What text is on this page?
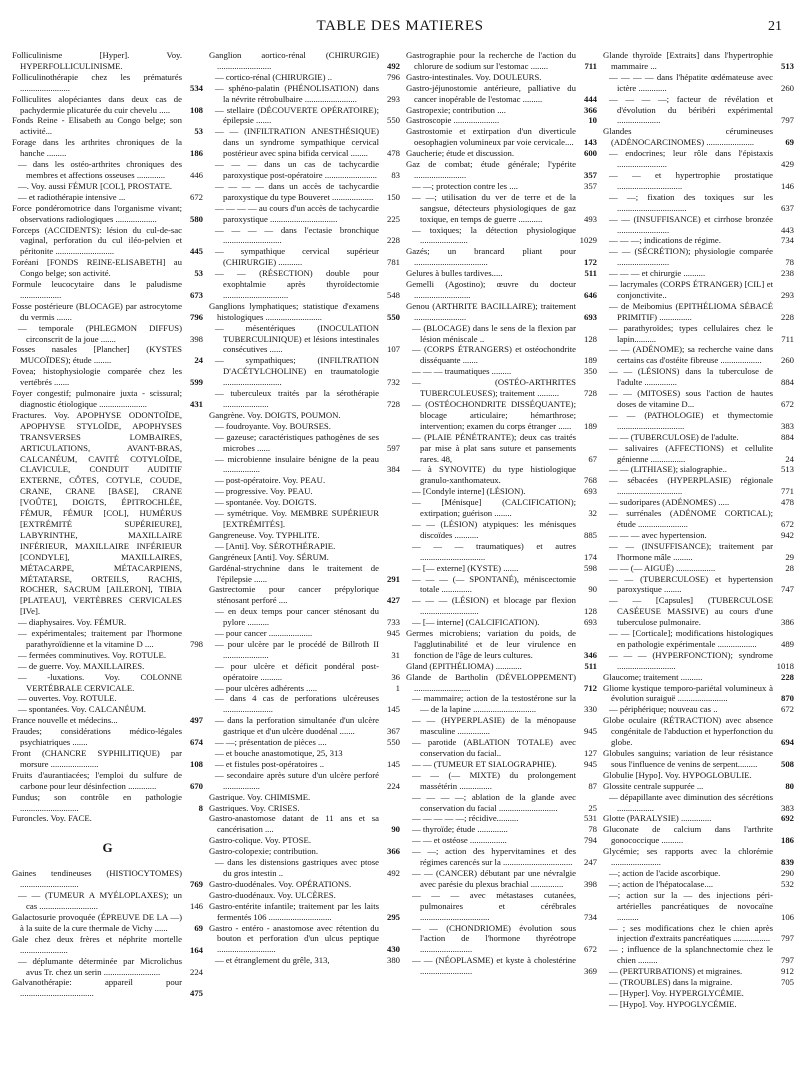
TABLE DES MATIERES	21
Folliculinisme [Hyper]. Voy. HYPERFOLLICULINISME.
Folliculinothérapie chez les prématurés .......................	534
Folliculites alopéciantes dans deux cas de pachydermie plicaturée du cuir chevelu .....	108
Fonds Reine - Elisabeth au Congo belge; son activité...	53
Forage dans les arthrites chroniques de la hanche .........	186
— dans les ostéo-arthrites chroniques des membres et affections osseuses .............	446
—. Voy. aussi FÉMUR [COL], PROSTATE.
— et radiothérapie intensive ...	672
Force pondéromotrice dans l'organisme vivant; observations radiologiques ...................	580
Forceps (ACCIDENTS): lésion du cul-de-sac vaginal, perforation du cul iléo-pelvien et péritonite ...........................	445
Foréani [FONDS REINE-ELISABETH] au Congo belge; son activité.	53
Formule leucocytaire dans le paludisme ...................	673
Fosse postérieure (BLOCAGE) par astrocytome du vermis .......	796
— temporale (PHLEGMON DIFFUS) circonscrit de la joue .......	398
Fosses nasales [Plancher] (KYSTES MUCOÏDES); étude ........	24
Fovea; histophysiologie comparée chez les vertébrés .......	599
Foyer congestif; pulmonaire juxta - scissural; diagnostic étiologique ......................	431
Fractures. Voy. APOPHYSE ODONTOÏDE, APOPHYSE STYLOÏDE, APOPHYSES TRANSVERSES LOMBAIRES, ARTICULATIONS, AVANT-BRAS, CALCANÉUM, CAVITÉ COTYLOÏDE, CLAVICULE, CONDUIT AUDITIF EXTERNE, CÔTES, COTYLE, COUDE, CRANE, CRANE [BASE], CRANE [VOÛTE], DOIGTS, ÉPITROCHLÉE, FÉMUR, FÉMUR [COL], HUMÉRUS [EXTRÉMITÉ SUPÉRIEURE], LABYRINTHE, MAXILLAIRE INFÉRIEUR, MAXILLAIRE INFÉRIEUR [CONDYLE], MAXILLAIRES, MÉTACARPE, MÉTACARPIENS, MÉTATARSE, ORTEILS, RACHIS, ROCHER, SACRUM [AILERON], TIBIA [PLATEAU], VERTÈBRES CERVICALES [IVe].
— diaphysaires. Voy. FÉMUR.
— expérimentales; traitement par l'hormone parathyroïdienne et la vitamine D ....	798
— fermées comminutives. Voy. ROTULE.
— de guerre. Voy. MAXILLAIRES.
— -luxations. Voy. COLONNE VERTÉBRALE CERVICALE.
— ouvertes. Voy. ROTULE.
— spontanées. Voy. CALCANÉUM.
France nouvelle et médecins...	497
Fraudes; considérations médico-légales psychiatriques .......	674
Front (CHANCRE SYPHILITIQUE) par morsure ......................	108
Fruits d'aurantiacées; l'emploi du sulfure de carbone pour leur désinfection .............	670
Fundus; son contrôle en pathologie ...........................	8
Furoncles. Voy. FACE.
G
Gaines tendineuses (HISTIOCYTOMES) ...........................	769
— — (TUMEUR A MYÉLOPLAXES); un cas ...........................	146
Galactosurie provoquée (ÉPREUVE DE LA —) à la suite de la cure thermale de Vichy ......	69
Gale chez deux frères et néphrite mortelle ......................	164
— déplumante déterminée par Microlichus avus Tr. chez un serin ..........................	224
Galvanothérapie: appareil pour ..................................	475
Ganglion aortico-rénal (CHIRURGIE) .........................	492
— cortico-rénal (CHIRURGIE) ..	796
— sphéno-palatin (PHÉNOLISATION) dans la névrite rétrobulbaire ........................	293
— stellaire (DÉCOUVERTE OPÉRATOIRE); épilepsie .......	550
— — (INFILTRATION ANESTHÉSIQUE) dans un syndrome sympathique cervical postérieur avec spina bifida cervical ........	478
— — — dans un cas de tachycardie paroxystique post-opératoire ........................	83
— — — — dans un accès de tachycardie paroxystique du type Bouveret ...................	150
— — — — au cours d'un accès de tachycardie paroxystique ...............................	225
— — — — dans l'ectasie bronchique ...........................	228
— sympathique cervical supérieur (CHIRURGIE) ...........	781
— — (RÉSECTION) double pour exophtalmie après thyroïdectomie ..............................	548
Ganglions lymphatiques; statistique d'examens histologiques ..........................	550
— mésentériques (INOCULATION TUBERCULINIQUE) et lésions intestinales consécutives ......	107
— sympathiques; (INFILTRATION D'ACÉTYLCHOLINE) en traumatologie ...........................	732
— tuberculeux traités par la sérothérapie .....................	728
Gangrène. Voy. DOIGTS, POUMON.
— foudroyante. Voy. BOURSES.
— gazeuse; caractéristiques pathogènes de ses microbes ......	597
— microbienne insulaire bénigne de la peau .................	384
— post-opératoire. Voy. PEAU.
— progressive. Voy. PEAU.
— spontanée. Voy. DOIGTS.
— symétrique. Voy. MEMBRE SUPÉRIEUR [EXTRÉMITÉS].
Gangreneuse. Voy. TYPHLITE.
— [Anti]. Voy. SÉROTHÉRAPIE.
Gangréneux [Anti]. Voy. SÉRUM.
Gardénal-strychnine dans le traitement de l'épilepsie ......	291
Gastrectomie pour cancer prépylorique sténosant perforé ....	427
— en deux temps pour cancer sténosant du pylore ..........	733
— pour cancer ....................	945
— pour ulcère par le procédé de Billroth II .....................	31
— pour ulcère et déficit pondéral post-opératoire ..........	36
— pour ulcères adhérents .....	1
— dans 4 cas de perforations ulcéreuses .......................	145
— dans la perforation simultanée d'un ulcère gastrique et d'un ulcère duodénal .......	367
— —; présentation de pièces ....	550
— et bouche anastomotique, 25, 313
— et fistules post-opératoires ..	145
— secondaire après suture d'un ulcère perforé .................	224
Gastrique. Voy. CHIMISME.
Gastriques. Voy. CRISES.
Gastro-anastomose datant de 11 ans et sa cancérisation ....	90
Gastro-colique. Voy. PTOSE.
Gastro-colopexie; contribution.	366
— dans les distensions gastriques avec ptose du gros intestin ..	492
Gastro-duodénales. Voy. OPÉRATIONS.
Gastro-duodénaux. Voy. ULCÈRES.
Gastro-entérite infantile; traitement par les laits fermentés 106 .............................	295
Gastro - entéro - anastomose avec rétention du bouton et perforation d'un ulcus peptique ...........................	430
— et étranglement du grêle, 313,	380
Gastrographie pour la recherche de l'action du chlorure de sodium sur l'estomac ........	711
Gastro-intestinales. Voy. DOULEURS.
Gastro-jéjunostomie antérieure, palliative du cancer inopérable de l'estomac .........	444
Gastropexie; contribution ....	366
Gastroscopie .....................	10
Gastrostomie et extirpation d'un diverticule oesophagien volumineux par voie cervicale....	143
Gaucherie; étude et discussion.	600
Gaz de combat; étude générale; l'ypérite ........................	357
— —; protection contre les ....	357
— —; utilisation du ver de terre et de la sangsue, détecteurs physiologiques de gaz toxique, en temps de guerre ...........	493
— toxiques; la détection physiologique ......................	1029
Gazés; un brancard pliant pour ..................................	172
Gelures à bulles tardives.....	511
Gemelli (Agostino); œuvre du docteur ..........................	646
Genou (ARTHRITE BACILLAIRE); traitement ........................	693
— (BLOCAGE) dans le sens de la flexion par lésion méniscale ..	128
— (CORPS ÉTRANGERS) et ostéochondrite disséquante .......	189
— — — traumatiques .........	350
— (OSTÉO-ARTHRITES TUBERCULEUSES); traitement ..........	728
— (OSTÉOCHONDRITE DISSÉQUANTE); blocage articulaire; hémarthrose; intervention; examen du corps étranger ......	189
— (PLAIE PÉNÉTRANTE); deux cas traités par mise à plat sans suture et pansements rares. 48,	67
— à SYNOVITE) du type histiologique granulo-xanthomateux.	768
— [Condyle interne] (LÉSION).	693
— [Ménisque] (CALCIFICATION); extirpation; guérison ........	32
— — (LÉSION) atypiques: les ménisques discoïdes ...........	885
— — — traumatiques) et autres ..............................	174
— [— externe] (KYSTE) .......	598
— — — (— SPONTANÉ), méniscectomie totale ..............	90
— — — (LÉSION) et blocage par flexion ...........................	128
— [— interne] (CALCIFICATION).	693
Germes microbiens; variation du poids, de l'agglutinabilité et de leur virulence en fonction de l'âge de leurs cultures.	346
Gland (EPITHÉLIOMA) ............	511
Glande de Bartholin (DÉVELOPPEMENT) ..........................	712
— mammaire; action de la testostérone sur la — de la lapine .............................	330
— — (HYPERPLASIE) de la ménopause masculine ...............	945
— parotide (ABLATION TOTALE) avec conservation du facial..	127
— — (TUMEUR ET SIALOGRAPHIE).	945
— — (— MIXTE) du prolongement massétérin ...............	87
— — — —; ablation de la glande avec conservation du facial ...........................	25
— — — — —; récidive..........	531
— thyroïde; étude ..............	78
— — et ostéose .................	794
— —; action des hypervitamines et des régimes carencés sur la ................................	247
— — (CANCER) débutant par une névralgie avec parésie du plexus brachial ...............	398
— — — avec métastases cutanées, pulmonaires et cérébrales ................................	734
— — (CHONDRIOME) évolution sous l'action de l'hormone thyréotrope ........................	672
— — (NÉOPLASME) et kyste à cholestérine ........................	369
Glande thyroïde [Extraits] dans l'hypertrophie mammaire ...	513
— — — — dans l'hépatite œdémateuse avec ictère .............	260
— — — —; facteur de révélation et d'évolution du béribéri expérimental ....................	797
Glandes cérumineuses (ADÉNOCARCINOMES) ......................	69
— endocrines; leur rôle dans l'épistaxis .......................	429
— — et hypertrophie prostatique ..............................	146
— —; fixation des toxiques sur les ................................	637
— — (INSUFFISANCE) et cirrhose bronzée ........................	443
— — —; indications de régime.	734
— — (SÉCRÉTION); physiologie comparée ........................	78
— — — et chirurgie ..........	238
— lacrymales (CORPS ÉTRANGER) [CIL] et conjonctivite..	293
— de Meibomius (EPITHÉLIOMA SÉBACÉ PRIMITIF) ...............	228
— parathyroïdes; types cellulaires chez le lapin..........	711
— — (ADÉNOME); sa recherche vaine dans certains cas d'ostéite fibreuse ...................	260
— — (LÉSIONS) dans la tuberculose de l'adulte ...............	884
— — (MITOSES) sous l'action de hautes doses de vitamine D...	672
— — (PATHOLOGIE) et thymectomie ...............................	383
— — (TUBERCULOSE) de l'adulte.	884
— salivaires (AFFECTIONS) et cellulite génienne ................	24
— — (LITHIASE); sialographie..	513
— sébacées (HYPERPLASIE) régionale ..............................	771
— sudoripares (ADÉNOMES) .....	478
— surrénales (ADÉNOME CORTICAL); étude .......................	672
— — — avec hypertension.	942
— — (INSUFFISANCE); traitement par l'hormone mâle .........	29
— — (— AIGUË) ..................	28
— — (TUBERCULOSE) et hypertension paroxystique ........	747
— — [Capsules] (TUBERCULOSE CASÉEUSE MASSIVE) au cours d'une tuberculose pulmonaire.	386
— — [Corticale]; modifications histologiques en pathologie expérimentale ..................	489
— — — (HYPERFONCTION); syndrome ...........................	1018
Glaucome; traitement ..........	228
Gliome kystique temporo-pariétal volumineux à évolution suraiguë .......................	870
— périphérique; nouveau cas ..	672
Globe oculaire (RÉTRACTION) avec absence congénitale de l'abduction et hyperfonction du globe.	694
Globules sanguins; variation de leur résistance sous l'influence de venins de serpent.........	508
Globulie [Hypo]. Voy. HYPOGLOBULIE.
Glossite centrale suppurée ...	80
— dépapillante avec diminution des sécrétions .................	383
Glotte (PARALYSIE) ..............	692
Gluconate de calcium dans l'arthrite gonococcique ..........	186
Glycémie; ses rapports avec la chlorémie .......................	839
—; action de l'acide ascorbique.	290
—; action de l'hépatocalase....	532
—; action sur la — des injections péri-artérielles pancréatiques de novocaïne ..........	106
— ; ses modifications chez le chien après injection d'extraits pancréatiques .................	797
— ; influence de la splanchnectomie chez le chien .........	797
— (PERTURBATIONS) et migraines.	912
— (TROUBLES) dans la migraine.	705
— [Hyper]. Voy. HYPERGLYCÉMIE.
— [Hypo]. Voy. HYPOGLYCÉMIE.
